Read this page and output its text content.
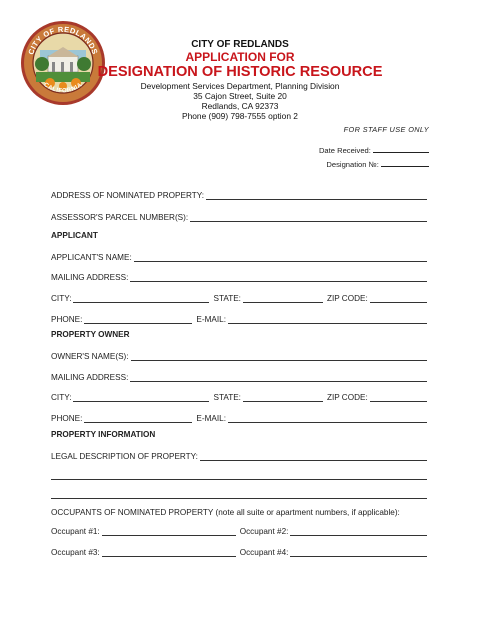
CITY OF REDLANDS
CALIFORNIA
CITY OF REDLANDS
APPLICATION FOR
DESIGNATION OF HISTORIC RESOURCE
Development Services Department, Planning Division
35 Cajon Street, Suite 20
Redlands, CA 92373
Phone (909) 798-7555 option 2
FOR STAFF USE ONLY
Date Received:
Designation №:
ADDRESS OF NOMINATED PROPERTY:
ASSESSOR'S PARCEL NUMBER(S):
APPLICANT
APPLICANT'S NAME:
MAILING ADDRESS:
CITY:	STATE:	ZIP CODE:
PHONE:	E-MAIL:
PROPERTY OWNER
OWNER'S NAME(S):
MAILING ADDRESS:
CITY:	STATE:	ZIP CODE:
PHONE:	E-MAIL:
PROPERTY INFORMATION
LEGAL DESCRIPTION OF PROPERTY:
OCCUPANTS OF NOMINATED PROPERTY (note all suite or apartment numbers, if applicable):
Occupant #1:	Occupant #2:
Occupant #3:	Occupant #4:
